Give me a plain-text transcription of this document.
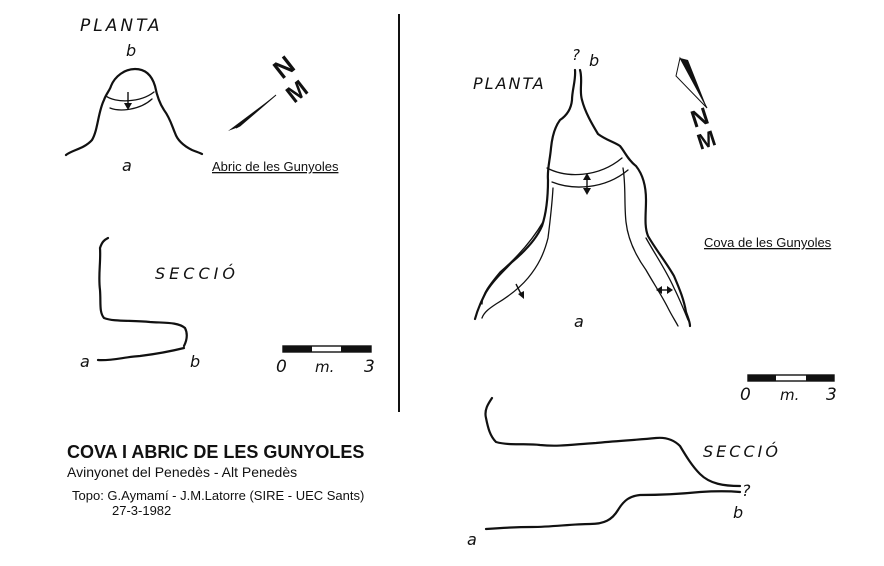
PLANTA
b
a	Abric de les Gunyoles
N
M
SECCIÓ
a	b	0 m. 3
COVA I ABRIC DE LES GUNYOLES
Avinyonet del Penedès - Alt Penedès
Topo: G.Aymamí - J.M.Latorre (SIRE - UEC Sants)
27-3-1982
? b
PLANTA
a
Cova de les Gunyoles
N
M
0 m. 3
SECCIÓ
?
a
b
